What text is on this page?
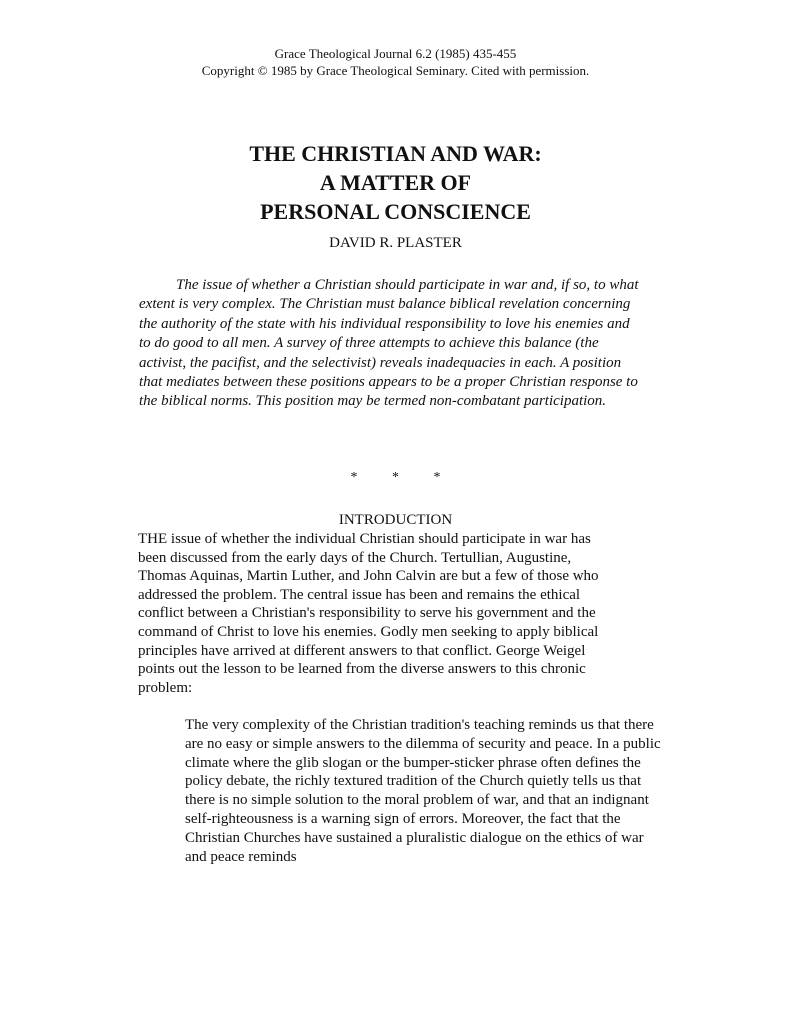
Grace Theological Journal 6.2 (1985) 435-455
Copyright © 1985 by Grace Theological Seminary. Cited with permission.
THE CHRISTIAN AND WAR:
A MATTER OF
PERSONAL CONSCIENCE
DAVID R. PLASTER

The issue of whether a Christian should participate in war and, if so, to what extent is very complex. The Christian must balance biblical revelation concerning the authority of the state with his individual responsibility to love his enemies and to do good to all men. A survey of three attempts to achieve this balance (the activist, the pacifist, and the selectivist) reveals inadequacies in each. A position that mediates between these positions appears to be a proper Christian response to the biblical norms. This position may be termed non-combatant participation.

* * *
INTRODUCTION

THE issue of whether the individual Christian should participate in war has been discussed from the early days of the Church. Tertullian, Augustine, Thomas Aquinas, Martin Luther, and John Calvin are but a few of those who addressed the problem. The central issue has been and remains the ethical conflict between a Christian's responsibility to serve his government and the command of Christ to love his enemies. Godly men seeking to apply biblical principles have arrived at different answers to that conflict. George Weigel points out the lesson to be learned from the diverse answers to this chronic problem:

The very complexity of the Christian tradition's teaching reminds us that there are no easy or simple answers to the dilemma of security and peace. In a public climate where the glib slogan or the bumper-sticker phrase often defines the policy debate, the richly textured tradition of the Church quietly tells us that there is no simple solution to the moral problem of war, and that an indignant self-righteousness is a warning sign of errors. Moreover, the fact that the Christian Churches have sustained a pluralistic dialogue on the ethics of war and peace reminds
